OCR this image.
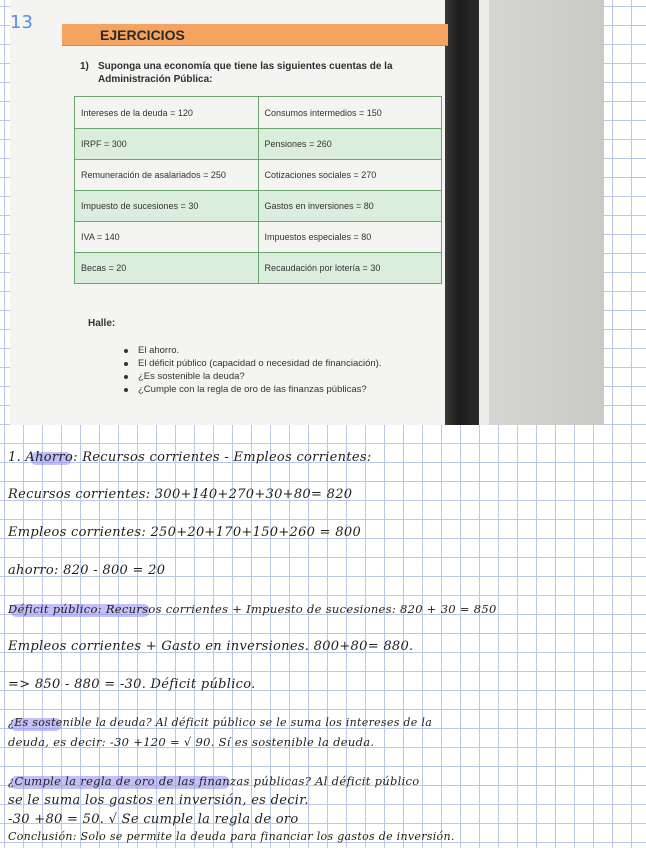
EJERCICIOS
1) Suponga una economía que tiene las siguientes cuentas de la Administración Pública:
Intereses de la deuda = 120	Consumos intermedios = 150
IRPF = 300	Pensiones = 260
Remuneración de asalariados = 250	Cotizaciones sociales = 270
Impuesto de sucesiones = 30	Gastos en inversiones = 80
IVA = 140	Impuestos especiales = 80
Becas = 20	Recaudación por lotería = 30
Halle:
El ahorro.
El déficit público (capacidad o necesidad de financiación).
¿Es sostenible la deuda?
¿Cumple con la regla de oro de las finanzas públicas?
13
1. Ahorro: Recursos corrientes - Empleos corrientes:
Recursos corrientes: 300+140+270+30+80= 820
Empleos corrientes: 250+20+170+150+260 = 800
ahorro: 820 - 800 = 20
Déficit público: Recursos corrientes + Impuesto de sucesiones: 820 + 30 = 850
Empleos corrientes + Gasto en inversiones. 800+80= 880.
=> 850 - 880 = -30. Déficit público.
¿Es sostenible la deuda? Al déficit público se le suma los intereses de la
deuda, es decir: -30 +120 = √ 90. Sí es sostenible la deuda.
¿Cumple la regla de oro de las finanzas públicas? Al déficit público
se le suma los gastos en inversión, es decir.
-30 +80 = 50. √ Se cumple la regla de oro
Conclusión: Solo se permite la deuda para financiar los gastos de inversión.
